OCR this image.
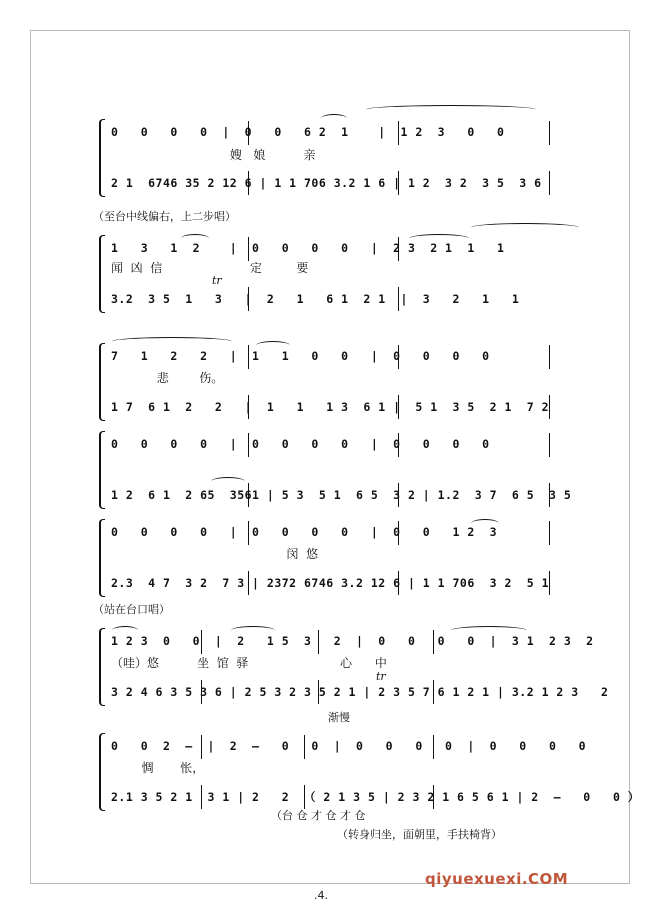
0   0   0   0  |  0   0   6 2  1    |  1 2  3   0   0
嫂   娘          亲
2 1  6746 35 2 12 6 | 1 1 706 3.2 1 6 | 1 2  3 2  3 5  3 6
（至台中线偏右，上二步唱）
1   3   1  2    |  0   0   0   0   |  2 3  2 1  1   1
闻  凶  信                       定         要
tr
3.2  3 5  1   3   |  2   1   6 1  2 1  |  3   2   1   1
7   1   2   2   |  1   1   0   0   |  0   0   0   0
悲        伤。
1 7  6 1  2   2   |  1   1   1 3  6 1 |  5 1  3 5  2 1  7 2
0   0   0   0   |  0   0   0   0   |  0   0   0   0
1 2  6 1  2 65  3561 | 5 3  5 1  6 5  3 2 | 1.2  3 7  6 5  3 5
0   0   0   0   |  0   0   0   0   |  0   0   1 2  3
闵  悠
2.3  4 7  3 2  7 3 | 2372 6746 3.2 12 6 | 1 1 706  3 2  5 1
（站在台口唱）
1 2 3  0   0  |  2   1 5  3   2  |  0   0   0   0  |  3 1  2 3  2
（哇）悠          坐  馆  驿                        心      中
tr
3 2 4 6 3 5 3 6 | 2 5 3 2 3 5 2 1 | 2 3 5 7 6 1 2 1 | 3.2 1 2 3   2
渐慢
0   0  2  –  |  2  –   0   0  |  0   0   0   0  |  0   0   0   0
惆       怅，
2.1 3 5 2 1  3 1 | 2   2  （ 2 1 3 5 | 2 3 2 1 6 5 6 1 | 2  –   0   0 ）
（台 仓 才 仓 才 仓
（转身归坐，面朝里，手扶椅背）
.4.
qiyuexuexi.COM
